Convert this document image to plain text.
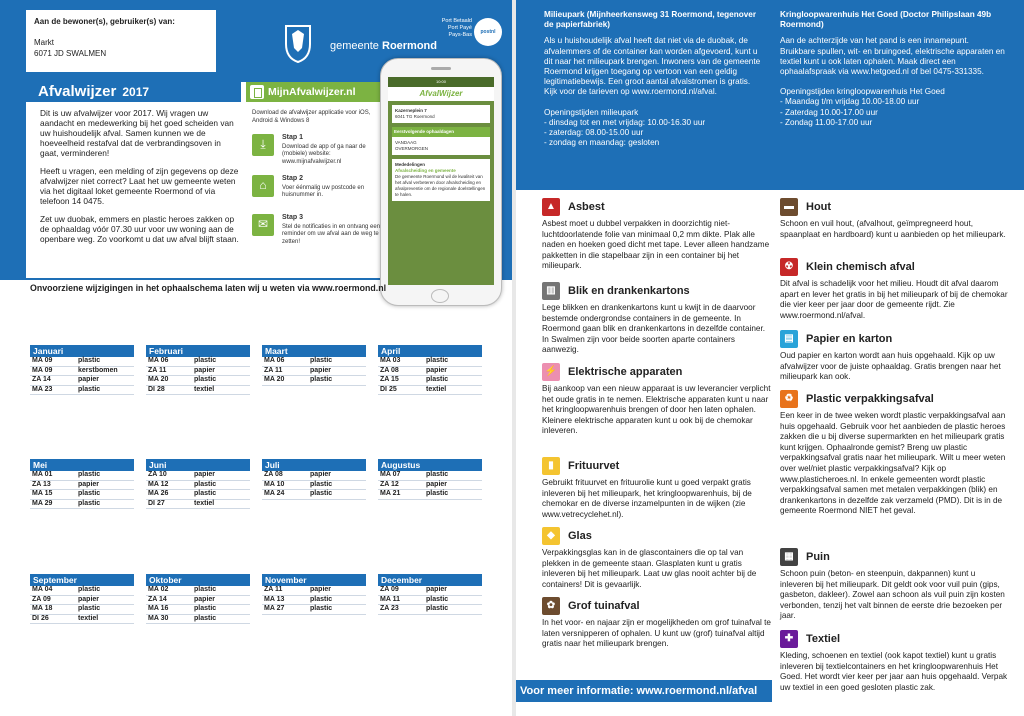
Aan de bewoner(s), gebruiker(s) van:
Markt
6071 JD SWALMEN
gemeente Roermond
Port Betaald
Port Payé
Pays-Bas	postnl
Afvalwijzer 2017	MijnAfvalwijzer.nl

Dit is uw afvalwijzer voor 2017. Wij vragen uw aandacht en medewerking bij het goed scheiden van uw huishoudelijk afval. Samen kunnen we de hoeveelheid restafval dat de verbrandingsoven in gaat, verminderen!

Heeft u vragen, een melding of zijn gegevens op deze afvalwijzer niet correct? Laat het uw gemeente weten via het digitaal loket gemeente Roermond of via telefoon 14 0475.

Zet uw duobak, emmers en plastic heroes zakken op de ophaaldag vóór 07.30 uur voor uw woning aan de openbare weg. Zo voorkomt u dat uw afval blijft staan.

Download de afvalwijzer applicatie voor iOS, Android & Windows 8
⤓	Stap 1
Download de app of ga naar de (mobiele) website: www.mijnafvalwijzer.nl
⌂	Stap 2
Voer éénmalig uw postcode en huisnummer in.
✉	Stap 3
Stel de notificaties in en ontvang een reminder om uw afval aan de weg te zetten!
10:00
AfvalWijzer
Kazerneplein 7
6041 TG Roermond
Eerstvolgende ophaaldagen
VANDAAG
OVERMORGEN
Mededelingen
Afvalscheiding en gemeente
De gemeente Roermond wil de kwaliteit van het afval verbeteren door afvalscheiding en afvalpreventie om de regionale doelstellingen te halen.
Onvoorziene wijzigingen in het ophaalschema laten wij u weten via www.roermond.nl
Januari
MA 09	plastic
MA 09	kerstbomen
ZA 14	papier
MA 23	plastic
Februari
MA 06	plastic
ZA 11	papier
MA 20	plastic
DI 28	textiel
Maart
MA 06	plastic
ZA 11	papier
MA 20	plastic
April
MA 03	plastic
ZA 08	papier
ZA 15	plastic
DI 25	textiel
Mei
MA 01	plastic
ZA 13	papier
MA 15	plastic
MA 29	plastic
Juni
ZA 10	papier
MA 12	plastic
MA 26	plastic
DI 27	textiel
Juli
ZA 08	papier
MA 10	plastic
MA 24	plastic
Augustus
MA 07	plastic
ZA 12	papier
MA 21	plastic
September
MA 04	plastic
ZA 09	papier
MA 18	plastic
DI 26	textiel
Oktober
MA 02	plastic
ZA 14	papier
MA 16	plastic
MA 30	plastic
November
ZA 11	papier
MA 13	plastic
MA 27	plastic
December
ZA 09	papier
MA 11	plastic
ZA 23	plastic
Milieupark (Mijnheerkensweg 31 Roermond, tegenover de papierfabriek)

Als u huishoudelijk afval heeft dat niet via de duobak, de afvalemmers of de container kan worden afgevoerd, kunt u dit naar het milieupark brengen. Inwoners van de gemeente Roermond krijgen toegang op vertoon van een geldig legitimatiebewijs. Een groot aantal afvalstromen is gratis. Kijk voor de tarieven op www.roermond.nl/afval.

Openingstijden milieupark
- dinsdag tot en met vrijdag: 10.00-16.30 uur
- zaterdag: 08.00-15.00 uur
- zondag en maandag: gesloten
Kringloopwarenhuis Het Goed (Doctor Philipslaan 49b Roermond)

Aan de achterzijde van het pand is een innamepunt. Bruikbare spullen, wit- en bruingoed, elektrische apparaten en textiel kunt u ook laten ophalen. Maak direct een ophaalafspraak via www.hetgoed.nl of bel 0475-331335.

Openingstijden kringloopwarenhuis Het Goed
- Maandag t/m vrijdag 10.00-18.00 uur
- Zaterdag 10.00-17.00 uur
- Zondag 11.00-17.00 uur
▲	Asbest
Asbest moet u dubbel verpakken in doorzichtig niet-luchtdoorlatende folie van minimaal 0,2 mm dikte. Plak alle naden en hoeken goed dicht met tape. Lever alleen handzame pakketten in die stapelbaar zijn in een container bij het milieupark.
▥	Blik en drankenkartons
Lege blikken en drankenkartons kunt u kwijt in de daarvoor bestemde ondergrondse containers in de gemeente. In Roermond gaan blik en drankenkartons in dezelfde container. In Swalmen zijn voor beide soorten aparte containers aanwezig.
⚡ Elektrische apparaten
Bij aankoop van een nieuw apparaat is uw leverancier verplicht het oude gratis in te nemen. Elektrische apparaten kunt u naar het kringloopwarenhuis brengen of door hen laten ophalen. Kleinere elektrische apparaten kunt u ook bij de chemokar inleveren.
▮	Frituurvet
Gebruikt frituurvet en frituurolie kunt u goed verpakt gratis inleveren bij het milieupark, het kringloopwarenhuis, bij de chemokar en de diverse inzamelpunten in de wijken (zie www.vetrecyclehet.nl).
◆	Glas
Verpakkingsglas kan in de glascontainers die op tal van plekken in de gemeente staan. Glasplaten kunt u gratis inleveren bij het milieupark. Laat uw glas nooit achter bij de containers! Dit is gevaarlijk.
✿	Grof tuinafval
In het voor- en najaar zijn er mogelijkheden om grof tuinafval te laten versnipperen of ophalen. U kunt uw (grof) tuinafval altijd gratis naar het milieupark brengen.
▬	Hout
Schoon en vuil hout, (afvalhout, geïmpregneerd hout, spaanplaat en hardboard) kunt u aanbieden op het milieupark.
☢	Klein chemisch afval
Dit afval is schadelijk voor het milieu. Houdt dit afval daarom apart en lever het gratis in bij het milieupark of bij de chemokar die vier keer per jaar door de gemeente rijdt. Zie www.roermond.nl/afval.
▤	Papier en karton
Oud papier en karton wordt aan huis opgehaald. Kijk op uw afvalwijzer voor de juiste ophaaldag. Gratis brengen naar het milieupark kan ook.
♻	Plastic verpakkingsafval
Een keer in de twee weken wordt plastic verpakkingsafval aan huis opgehaald. Gebruik voor het aanbieden de plastic heroes zakken die u bij diverse supermarkten en het milieupark gratis kunt krijgen. Ophaalronde gemist? Breng uw plastic verpakkingsafval gratis naar het milieupark. Wilt u meer weten over wel/niet plastic verpakkingsafval? Kijk op www.plasticheroes.nl. In enkele gemeenten wordt plastic verpakkingsafval samen met metalen verpakkingen (blik) en drankenkartons in dezelfde zak verzameld (PMD). Dit is in de gemeente Roermond NIET het geval.
▦	Puin
Schoon puin (beton- en steenpuin, dakpannen) kunt u inleveren bij het milieupark. Dit geldt ook voor vuil puin (gips, gasbeton, dakleer). Zowel aan schoon als vuil puin zijn kosten verbonden, tenzij het valt binnen de eerste drie bezoeken per jaar.
✚	Textiel
Kleding, schoenen en textiel (ook kapot textiel) kunt u gratis inleveren bij textielcontainers en het kringloopwarenhuis Het Goed. Het wordt vier keer per jaar aan huis opgehaald. Verpak uw textiel in een goed gesloten plastic zak.
Voor meer informatie: www.roermond.nl/afval
